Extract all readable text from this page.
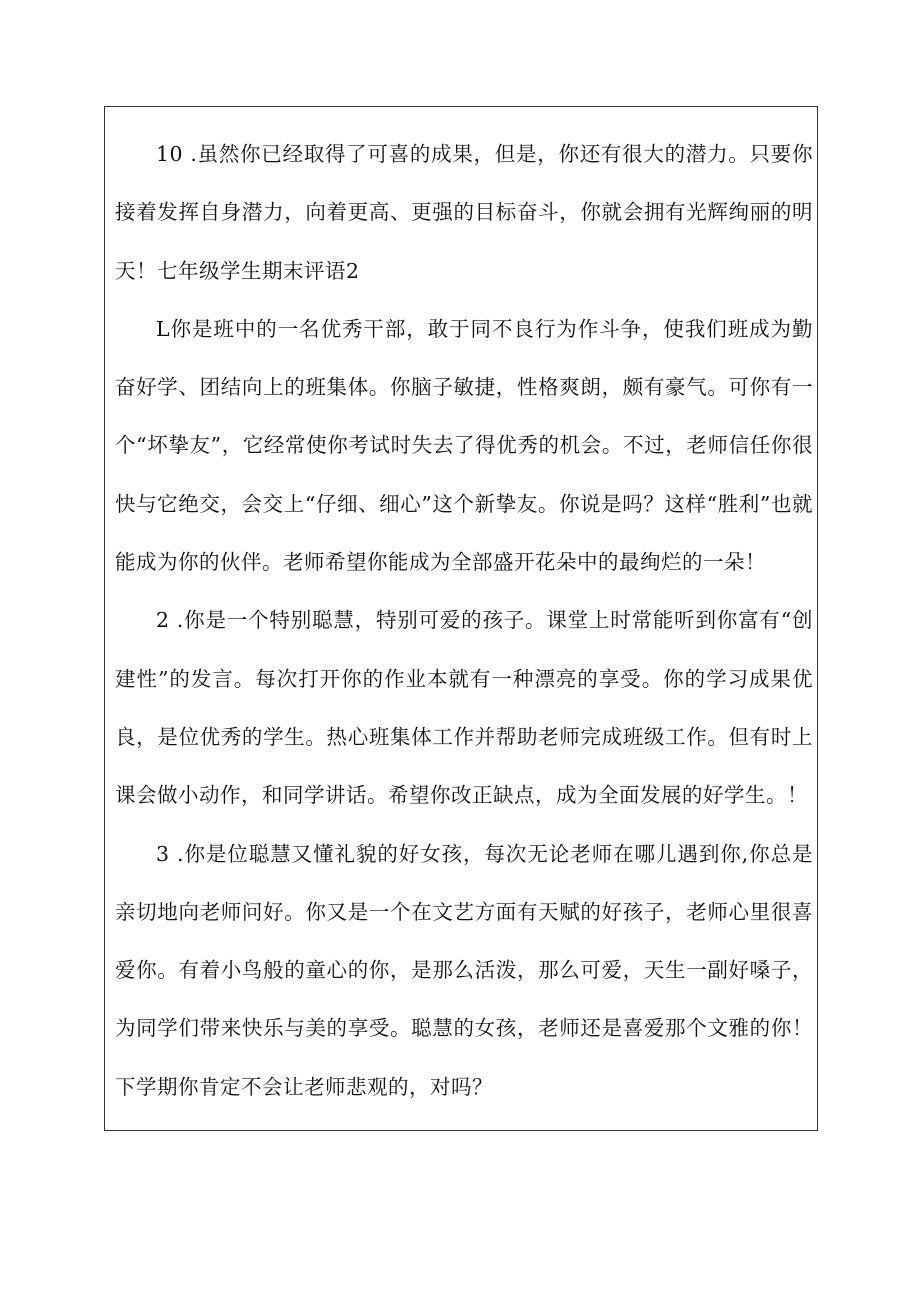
10 .虽然你已经取得了可喜的成果，但是，你还有很大的潜力。只要你接着发挥自身潜力，向着更高、更强的目标奋斗，你就会拥有光辉绚丽的明天！七年级学生期末评语2

L你是班中的一名优秀干部，敢于同不良行为作斗争，使我们班成为勤奋好学、团结向上的班集体。你脑子敏捷，性格爽朗，颇有豪气。可你有一个“坏挚友”，它经常使你考试时失去了得优秀的机会。不过，老师信任你很快与它绝交，会交上“仔细、细心”这个新挚友。你说是吗？这样“胜利”也就能成为你的伙伴。老师希望你能成为全部盛开花朵中的最绚烂的一朵！

2 .你是一个特别聪慧，特别可爱的孩子。课堂上时常能听到你富有“创建性”的发言。每次打开你的作业本就有一种漂亮的享受。你的学习成果优良，是位优秀的学生。热心班集体工作并帮助老师完成班级工作。但有时上课会做小动作，和同学讲话。希望你改正缺点，成为全面发展的好学生。！

3 .你是位聪慧又懂礼貌的好女孩，每次无论老师在哪儿遇到你,你总是亲切地向老师问好。你又是一个在文艺方面有天赋的好孩子，老师心里很喜爱你。有着小鸟般的童心的你，是那么活泼，那么可爱，天生一副好嗓子，为同学们带来快乐与美的享受。聪慧的女孩，老师还是喜爱那个文雅的你！下学期你肯定不会让老师悲观的，对吗？
